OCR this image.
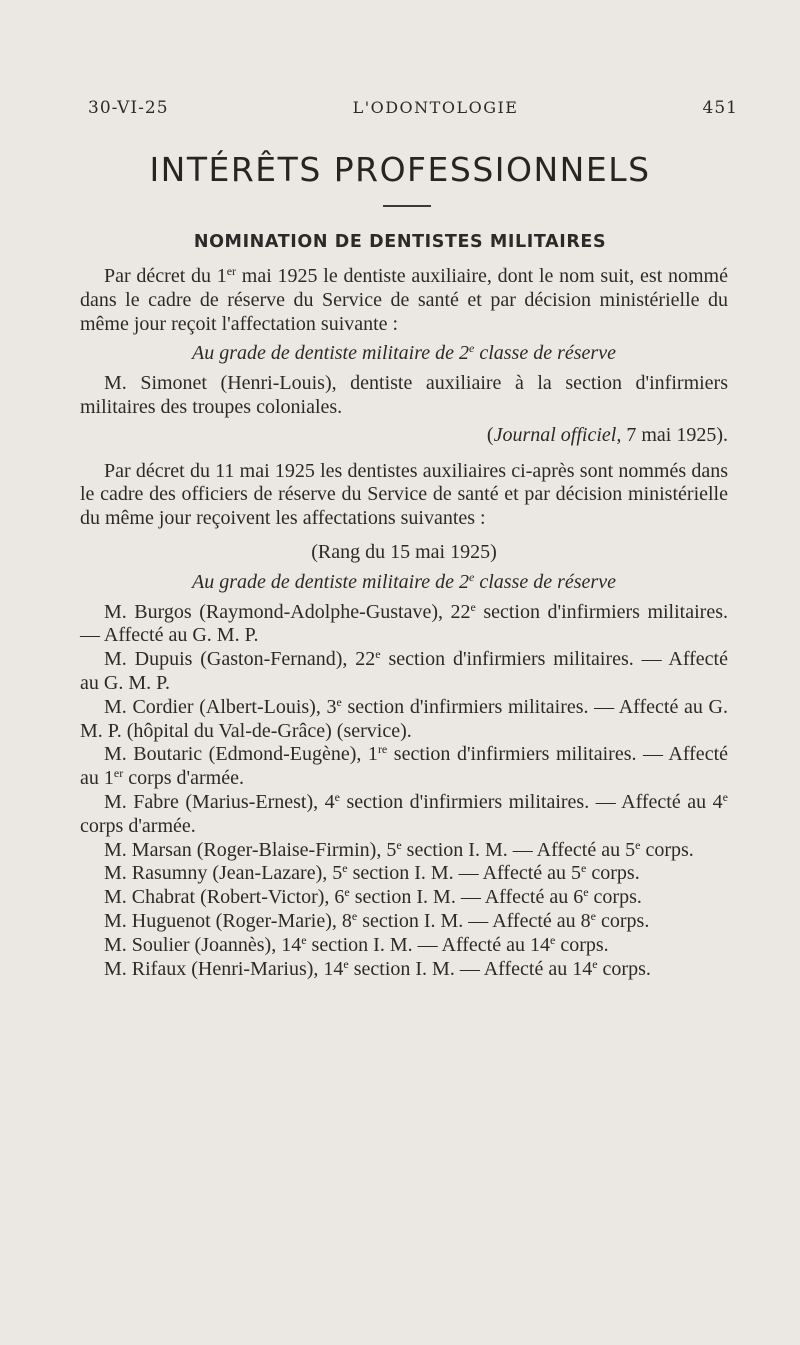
30-VI-25	L'ODONTOLOGIE	451
INTÉRÊTS PROFESSIONNELS
NOMINATION DE DENTISTES MILITAIRES

Par décret du 1er mai 1925 le dentiste auxiliaire, dont le nom suit, est nommé dans le cadre de réserve du Service de santé et par décision ministérielle du même jour reçoit l'affectation suivante :

Au grade de dentiste militaire de 2e classe de réserve

M. Simonet (Henri-Louis), dentiste auxiliaire à la section d'infirmiers militaires des troupes coloniales.

(Journal officiel, 7 mai 1925).

Par décret du 11 mai 1925 les dentistes auxiliaires ci-après sont nommés dans le cadre des officiers de réserve du Service de santé et par décision ministérielle du même jour reçoivent les affectations suivantes :

(Rang du 15 mai 1925)

Au grade de dentiste militaire de 2e classe de réserve

M. Burgos (Raymond-Adolphe-Gustave), 22e section d'infirmiers militaires. — Affecté au G. M. P.

M. Dupuis (Gaston-Fernand), 22e section d'infirmiers militaires. — Affecté au G. M. P.

M. Cordier (Albert-Louis), 3e section d'infirmiers militaires. — Affecté au G. M. P. (hôpital du Val-de-Grâce) (service).

M. Boutaric (Edmond-Eugène), 1re section d'infirmiers militaires. — Affecté au 1er corps d'armée.

M. Fabre (Marius-Ernest), 4e section d'infirmiers militaires. — Affecté au 4e corps d'armée.

M. Marsan (Roger-Blaise-Firmin), 5e section I. M. — Affecté au 5e corps.

M. Rasumny (Jean-Lazare), 5e section I. M. — Affecté au 5e corps.

M. Chabrat (Robert-Victor), 6e section I. M. — Affecté au 6e corps.

M. Huguenot (Roger-Marie), 8e section I. M. — Affecté au 8e corps.

M. Soulier (Joannès), 14e section I. M. — Affecté au 14e corps.

M. Rifaux (Henri-Marius), 14e section I. M. — Affecté au 14e corps.
